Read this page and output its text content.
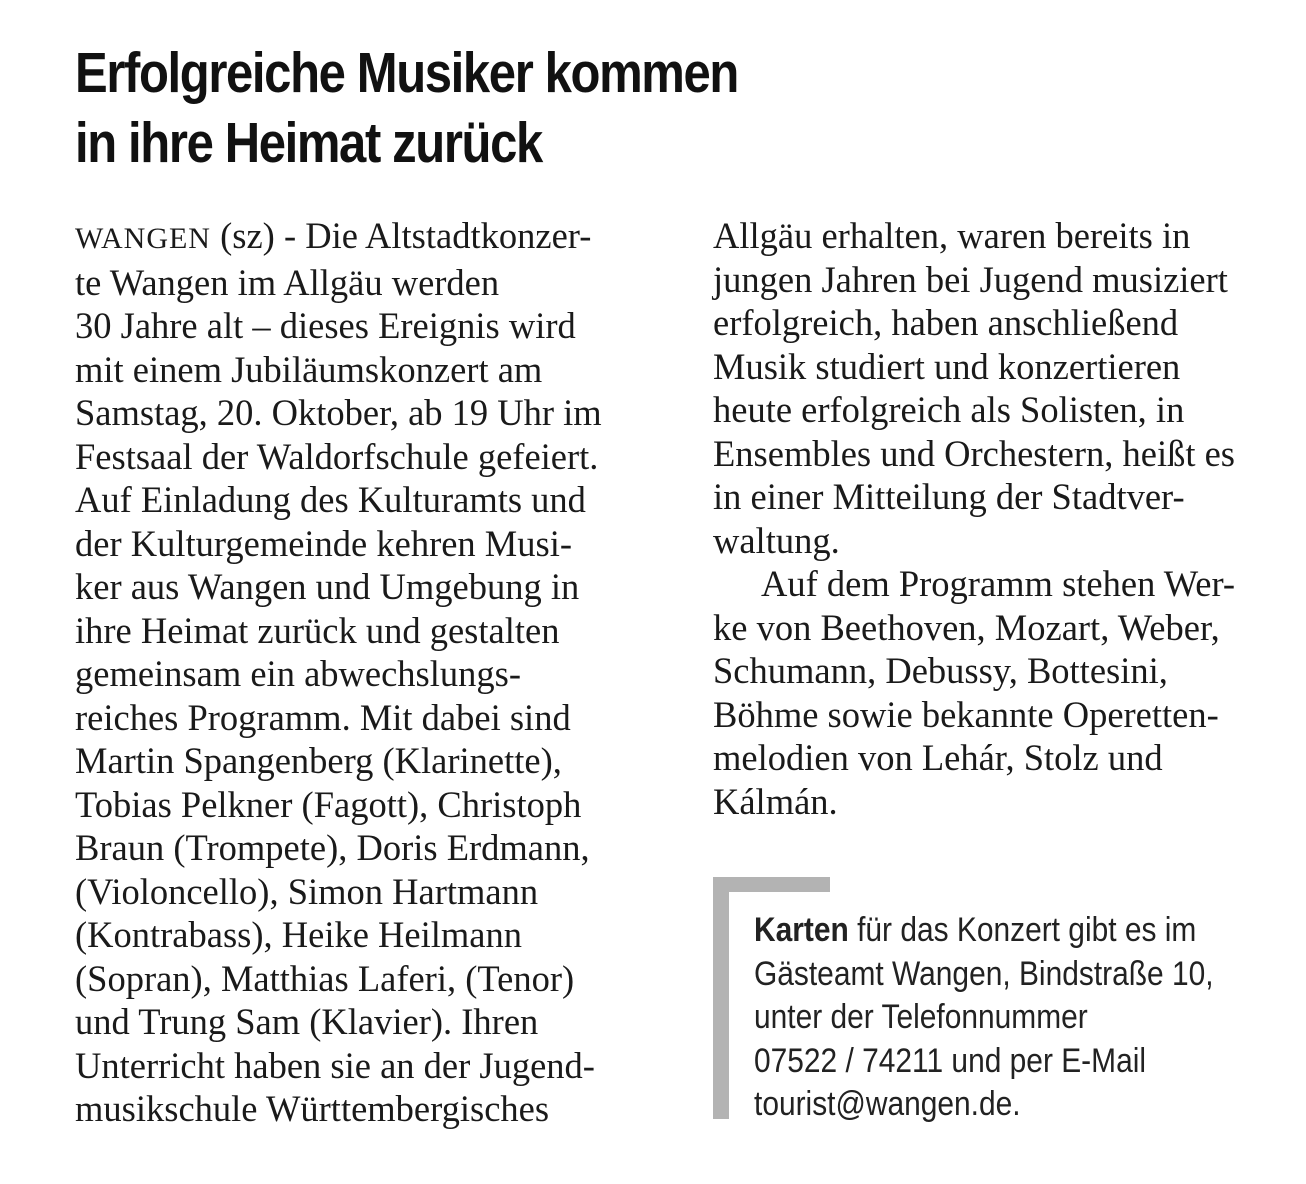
Erfolgreiche Musiker kommen
in ihre Heimat zurück
WANGEN (sz) - Die Altstadtkonzer-
te Wangen im Allgäu werden
30 Jahre alt – dieses Ereignis wird
mit einem Jubiläumskonzert am
Samstag, 20. Oktober, ab 19 Uhr im
Festsaal der Waldorfschule gefeiert.
Auf Einladung des Kulturamts und
der Kulturgemeinde kehren Musi-
ker aus Wangen und Umgebung in
ihre Heimat zurück und gestalten
gemeinsam ein abwechslungs-
reiches Programm. Mit dabei sind
Martin Spangenberg (Klarinette),
Tobias Pelkner (Fagott), Christoph
Braun (Trompete), Doris Erdmann,
(Violoncello), Simon Hartmann
(Kontrabass), Heike Heilmann
(Sopran), Matthias Laferi, (Tenor)
und Trung Sam (Klavier). Ihren
Unterricht haben sie an der Jugend-
musikschule Württembergisches
Allgäu erhalten, waren bereits in
jungen Jahren bei Jugend musiziert
erfolgreich, haben anschließend
Musik studiert und konzertieren
heute erfolgreich als Solisten, in
Ensembles und Orchestern, heißt es
in einer Mitteilung der Stadtver-
waltung.
Auf dem Programm stehen Wer-
ke von Beethoven, Mozart, Weber,
Schumann, Debussy, Bottesini,
Böhme sowie bekannte Operetten-
melodien von Lehár, Stolz und
Kálmán.
Karten für das Konzert gibt es im
Gästeamt Wangen, Bindstraße 10,
unter der Telefonnummer
07522 / 74211 und per E-Mail
tourist@wangen.de.
